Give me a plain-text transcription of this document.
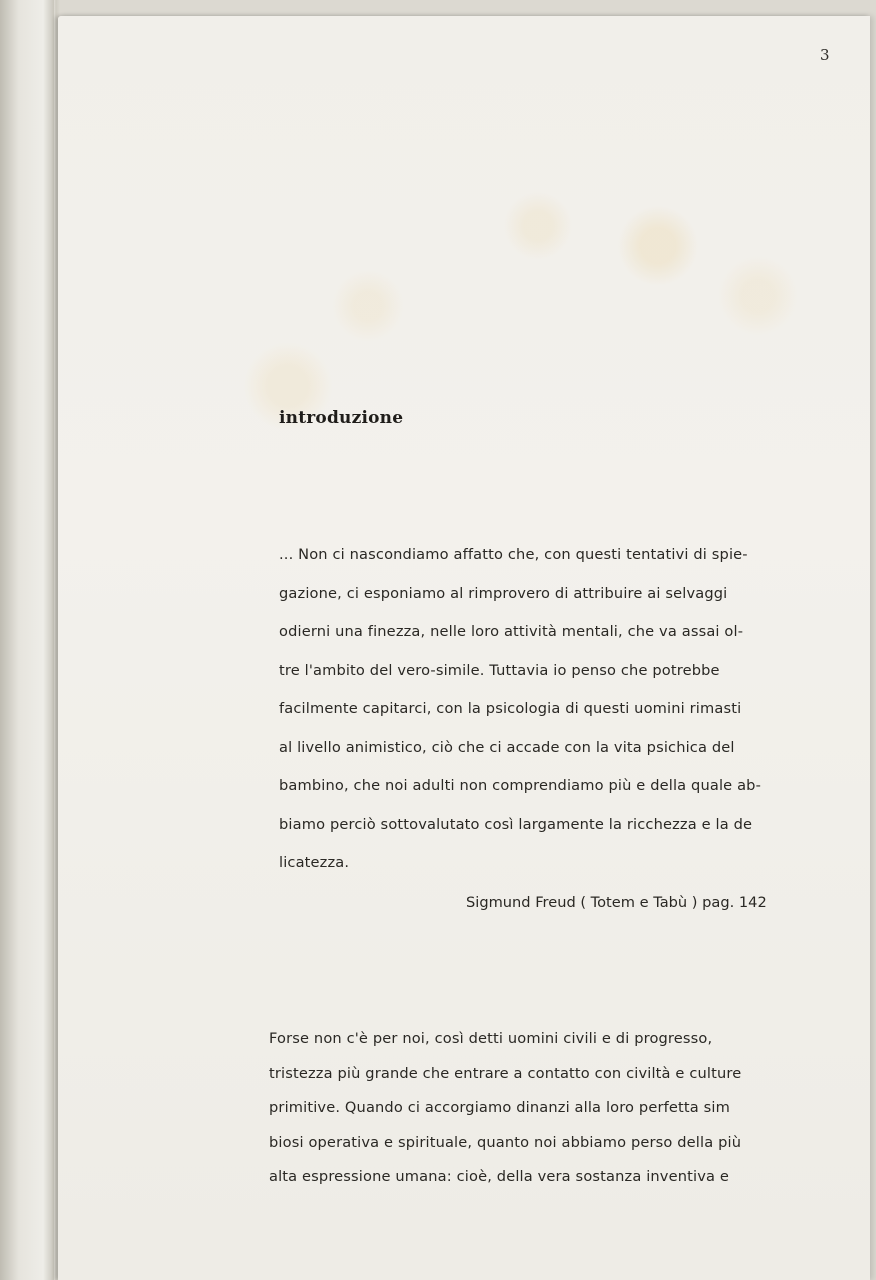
3
introduzione
... Non ci nascondiamo affatto che, con questi tentativi di spie-
gazione, ci esponiamo al rimprovero di attribuire ai selvaggi
odierni una finezza, nelle loro attività mentali, che va assai ol-
tre l'ambito del vero-simile. Tuttavia io penso che potrebbe
facilmente capitarci, con la psicologia di questi uomini rimasti
al livello animistico, ciò che ci accade con la vita psichica del
bambino, che noi adulti non comprendiamo più e della quale ab-
biamo perciò sottovalutato così largamente la ricchezza e la de
licatezza.
Sigmund Freud ( Totem e Tabù ) pag. 142
Forse non c'è per noi, così detti uomini civili e di progresso,
tristezza più grande che entrare a contatto con civiltà e culture
primitive. Quando ci accorgiamo dinanzi alla loro perfetta sim
biosi operativa e spirituale, quanto noi abbiamo perso della più
alta espressione umana: cioè, della vera sostanza inventiva e
